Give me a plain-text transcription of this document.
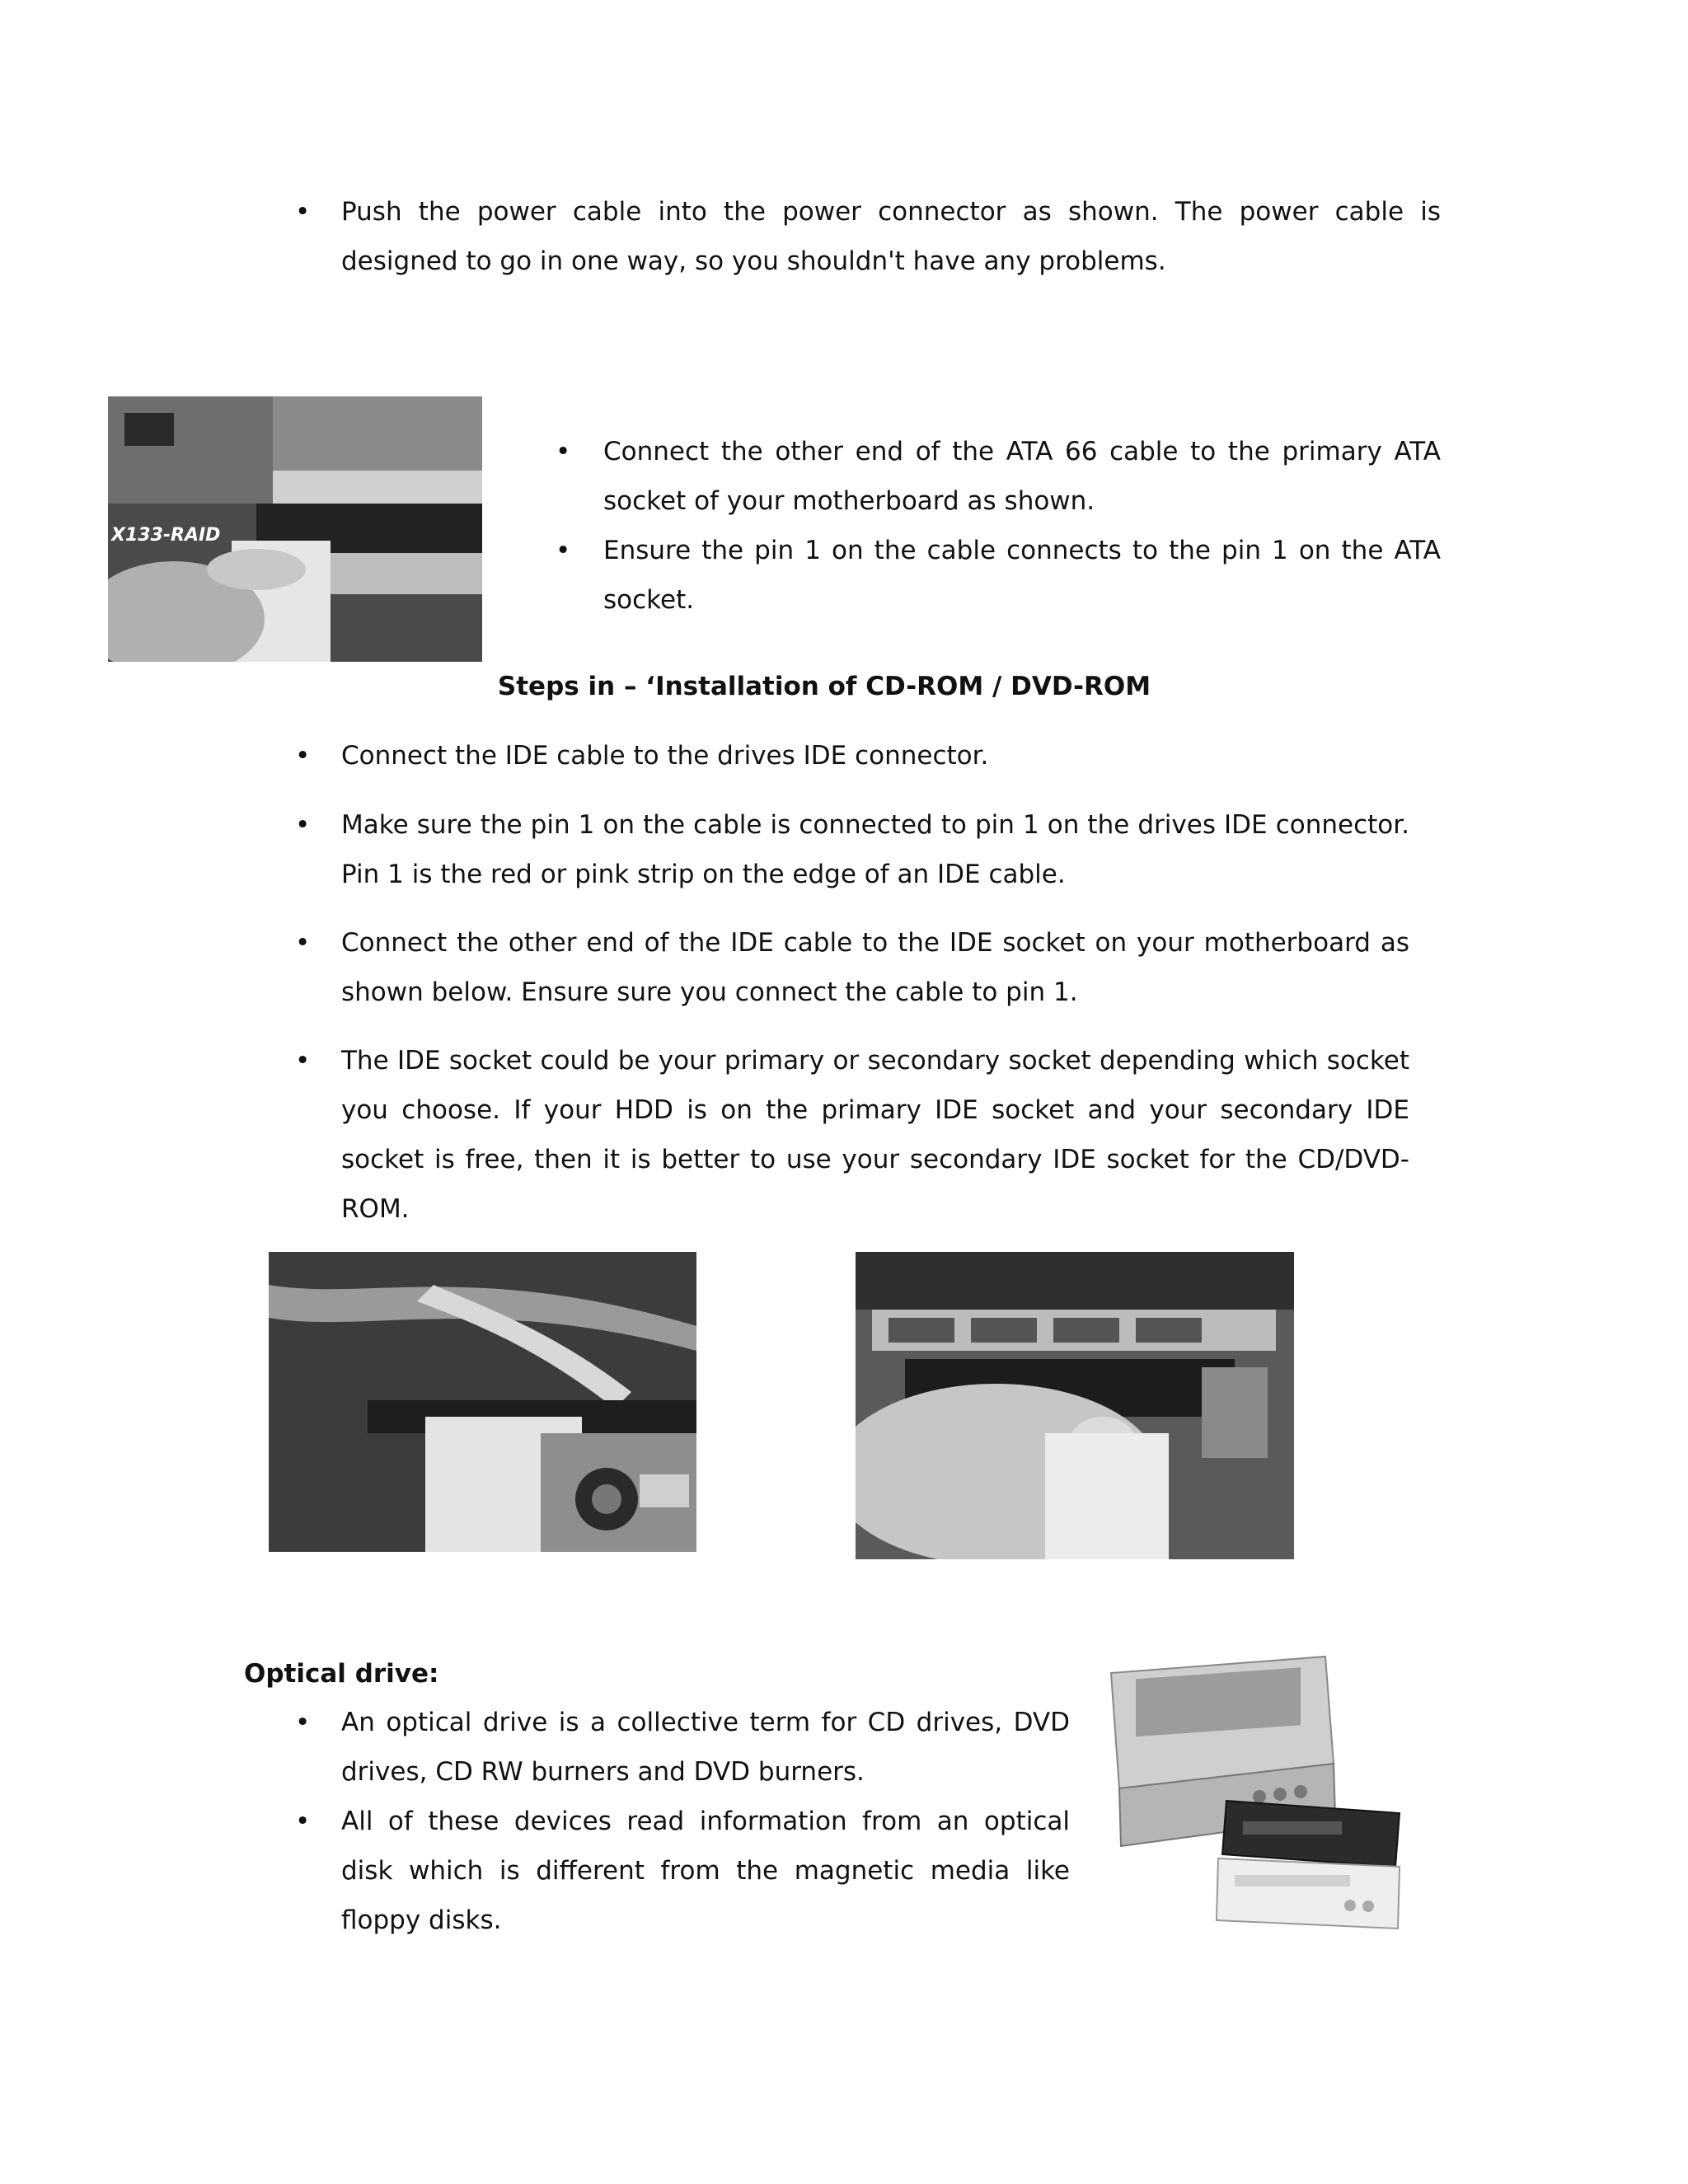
•	Push the power cable into the power connector as shown. The power cable is designed to go in one way, so you shouldn't have any problems.
X133-RAID
•	Connect the other end of the ATA 66 cable to the primary ATA socket of your motherboard as shown.
•	Ensure the pin 1 on the cable connects to the pin 1 on the ATA socket.
Steps in – ‘Installation of CD-ROM / DVD-ROM
•	Connect the IDE cable to the drives IDE connector.
•	Make sure the pin 1 on the cable is connected to pin 1 on the drives IDE connector. Pin 1 is the red or pink strip on the edge of an IDE cable.
•	Connect the other end of the IDE cable to the IDE socket on your motherboard as shown below. Ensure sure you connect the cable to pin 1.
•	The IDE socket could be your primary or secondary socket depending which socket you choose. If your HDD is on the primary IDE socket and your secondary IDE socket is free, then it is better to use your secondary IDE socket for the CD/DVD-ROM.
Optical drive:
•	An optical drive is a collective term for CD drives, DVD drives, CD RW burners and DVD burners.
•	All of these devices read information from an optical disk which is different from the magnetic media like floppy disks.
